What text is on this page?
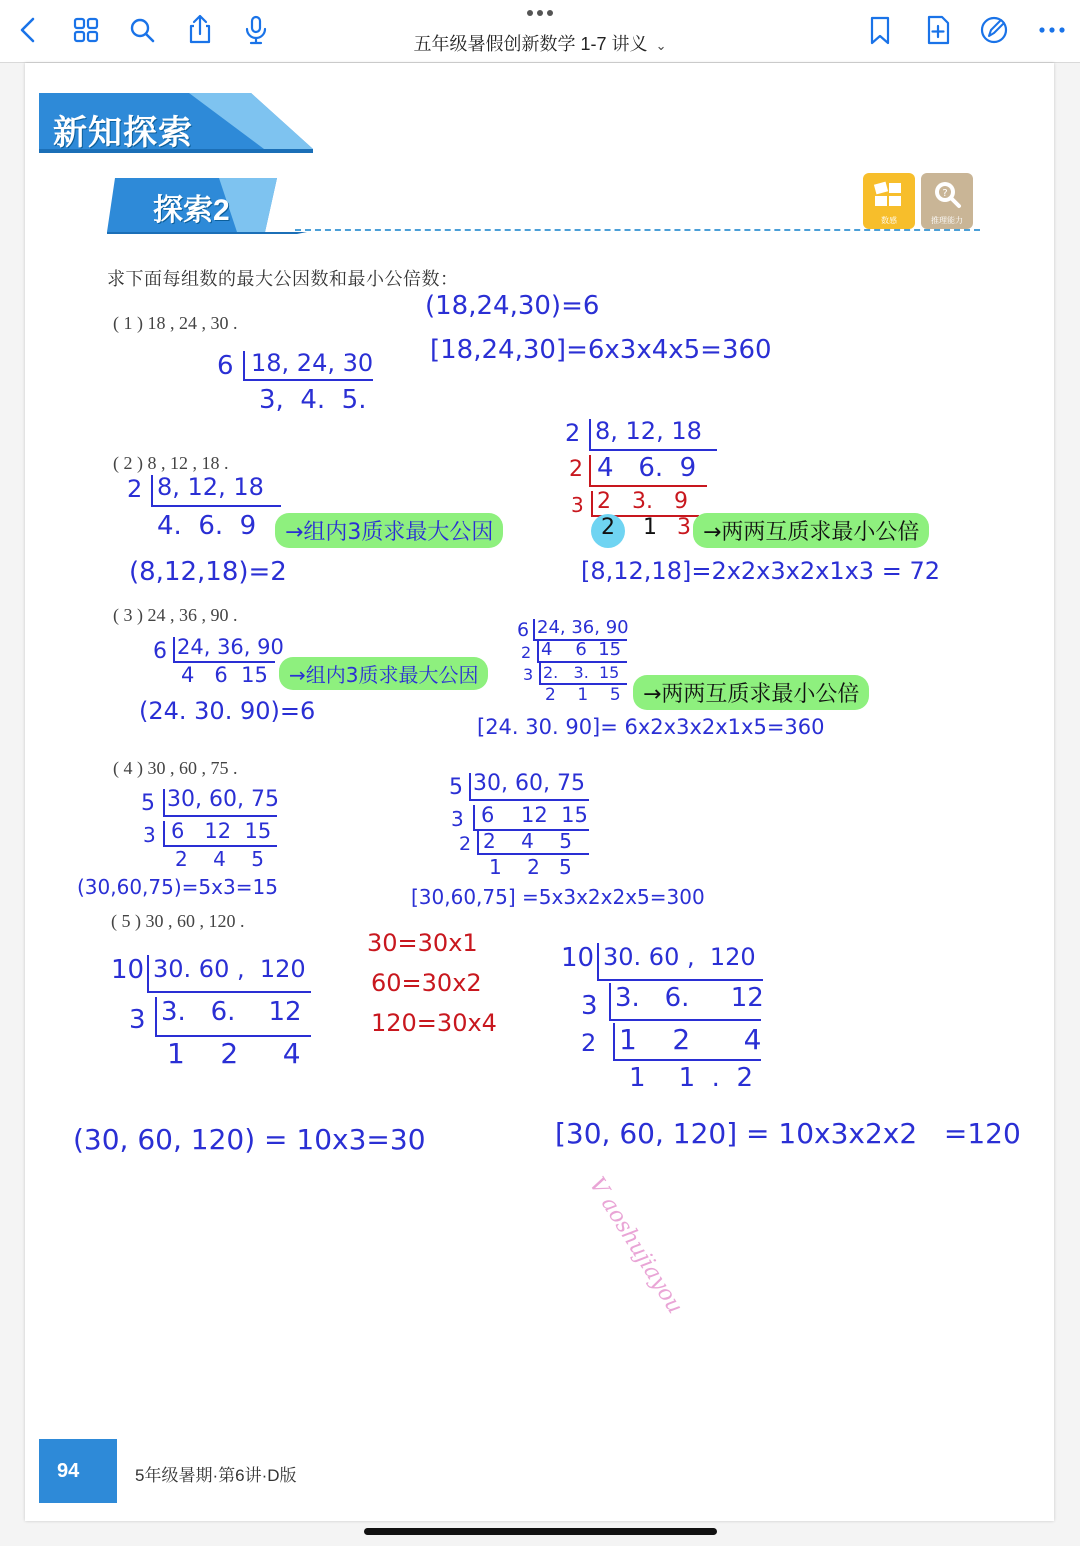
五年级暑假创新数学 1-7 讲义 ⌄
新知探索
探索2	数感
?
推理能力
求下面每组数的最大公因数和最小公倍数：
( 1 ) 18 , 24 , 30 .
( 2 ) 8 , 12 , 18 .
( 3 ) 24 , 36 , 90 .
( 4 ) 30 , 60 , 75 .
( 5 ) 30 , 60 , 120 .
(18,24,30)=6
[18,24,30]=6x3x4x5=360
6 18, 24, 30
3,  4.  5.
2 8, 12, 18
4.  6.  9	→组内3质求最大公因
(8,12,18)=2
2 8, 12, 18
2 4   6.  9
3 2   3.   9
2 1 3 →两两互质求最小公倍
[8,12,18]=2x2x3x2x1x3 = 72
6 24, 36, 90
4   6  15	→组内3质求最大公因
(24. 30. 90)=6
6 24, 36, 90
2 4    6  15
3 2.   3.  15
2    1    5	→两两互质求最小公倍
[24. 30. 90]= 6x2x3x2x1x5=360
5 30, 60, 75
3 6   12  15
2    4    5
(30,60,75)=5x3=15
5 30, 60, 75
3 6    12  15
2 2    4    5
1    2   5
[30,60,75] =5x3x2x2x5=300
10 30. 60 ,  120
3 3.   6.    12
1    2     4
30=30x1
60=30x2
120=30x4
(30, 60, 120) = 10x3=30
10 30. 60 ,  120
3 3.   6.     12
2 1    2      4
1    1  .  2
[30, 60, 120] = 10x3x2x2   =120
V aoshujiayou
94	5年级暑期·第6讲·D版
